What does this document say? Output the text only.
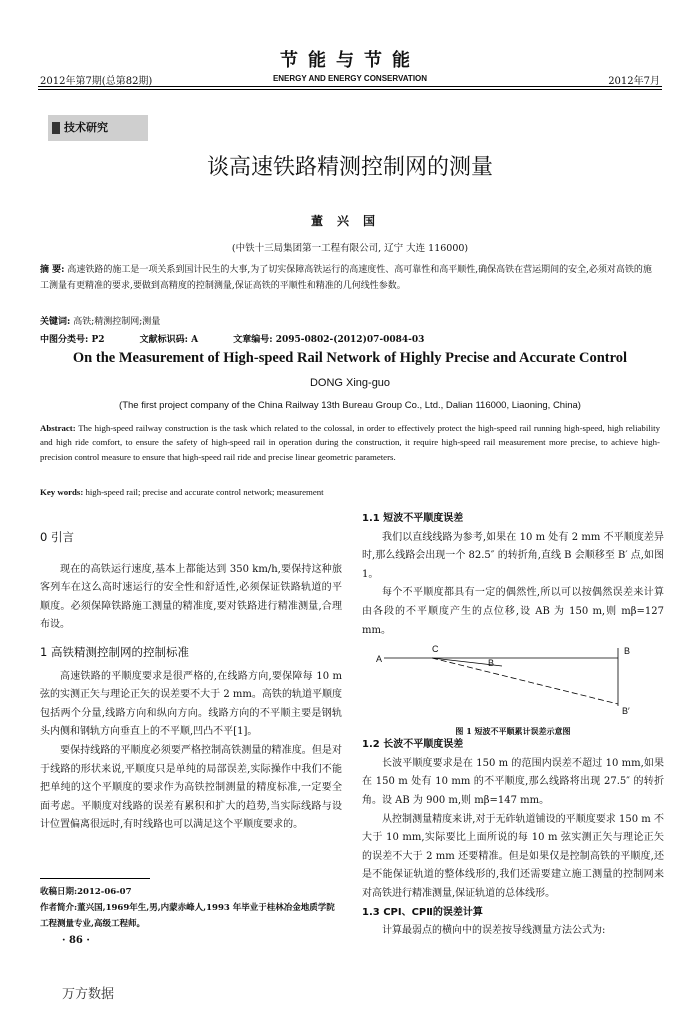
2012年第7期(总第82期)
节能与节能
ENERGY AND ENERGY CONSERVATION	2012年7月
技术研究
谈高速铁路精测控制网的测量
董兴国
(中铁十三局集团第一工程有限公司, 辽宁 大连 116000)
摘 要: 高速铁路的施工是一项关系到国计民生的大事,为了切实保障高铁运行的高速度性、高可靠性和高平顺性,确保高铁在营运期间的安全,必须对高铁的施工测量有更精准的要求,要做到高精度的控制测量,保证高铁的平顺性和精准的几何线性参数。
关键词: 高铁;精测控制网;测量
中图分类号: P2	文献标识码: A	文章编号: 2095-0802-(2012)07-0084-03
On the Measurement of High-speed Rail Network of Highly Precise and Accurate Control
DONG Xing-guo
(The first project company of the China Railway 13th Bureau Group Co., Ltd., Dalian 116000, Liaoning, China)
Abstract: The high-speed railway construction is the task which related to the colossal, in order to effectively protect the high-speed rail running high-speed, high reliability and high ride comfort, to ensure the safety of high-speed rail in operation during the construction, it require high-speed rail measurement more precise, to achieve high-precision control measure to ensure that high-speed rail ride and precise linear geometric parameters.
Key words: high-speed rail; precise and accurate control network; measurement
0 引言

现在的高铁运行速度,基本上都能达到 350 km/h,要保持这种旅客列车在这么高时速运行的安全性和舒适性,必须保证铁路轨道的平顺度。必须保障铁路施工测量的精准度,要对铁路进行精准测量,合理布设。

1 高铁精测控制网的控制标准

高速铁路的平顺度要求是很严格的,在线路方向,要保障每 10 m 弦的实测正矢与理论正矢的误差要不大于 2 mm。高铁的轨道平顺度包括两个分量,线路方向和纵向方向。线路方向的不平顺主要是钢轨头内侧和钢轨方向垂直上的不平顺,凹凸不平[1]。

要保持线路的平顺度必须要严格控制高铁测量的精准度。但是对于线路的形状来说,平顺度只是单纯的局部误差,实际操作中我们不能把单纯的这个平顺度的要求作为高铁控制测量的精度标准,一定要全面考虑。平顺度对线路的误差有累积和扩大的趋势,当实际线路与设计位置偏离很远时,有时线路也可以满足这个平顺度要求的。

1.1 短波不平顺度误差

我们以直线线路为参考,如果在 10 m 处有 2 mm 不平顺度差异时,那么线路会出现一个 82.5″ 的转折角,直线 B 会顺移至 B′ 点,如图 1。

每个不平顺度都具有一定的偶然性,所以可以按偶然误差来计算由各段的不平顺度产生的点位移,设 AB 为 150 m,则 mβ=127 mm。

A
C
B
B
B′
图 1 短波不平顺累计误差示意图
1.2 长波不平顺度误差

长波平顺度要求是在 150 m 的范围内误差不超过 10 mm,如果在 150 m 处有 10 mm 的不平顺度,那么线路将出现 27.5″ 的转折角。设 AB 为 900 m,则 mβ=147 mm。

从控制测量精度来讲,对于无砟轨道铺设的平顺度要求 150 m 不大于 10 mm,实际要比上面所说的每 10 m 弦实测正矢与理论正矢的误差不大于 2 mm 还要精准。但是如果仅是控制高铁的平顺度,还是不能保证轨道的整体线形的,我们还需要建立施工测量的控制网来对高铁进行精准测量,保证轨道的总体线形。

1.3 CPⅠ、CPⅡ的误差计算

计算最弱点的横向中的误差按导线测量方法公式为:

收稿日期:2012-06-07
作者简介:董兴国,1969年生,男,内蒙赤峰人,1993 年毕业于桂林冶金地质学院工程测量专业,高级工程师。
· 86 ·
万方数据
